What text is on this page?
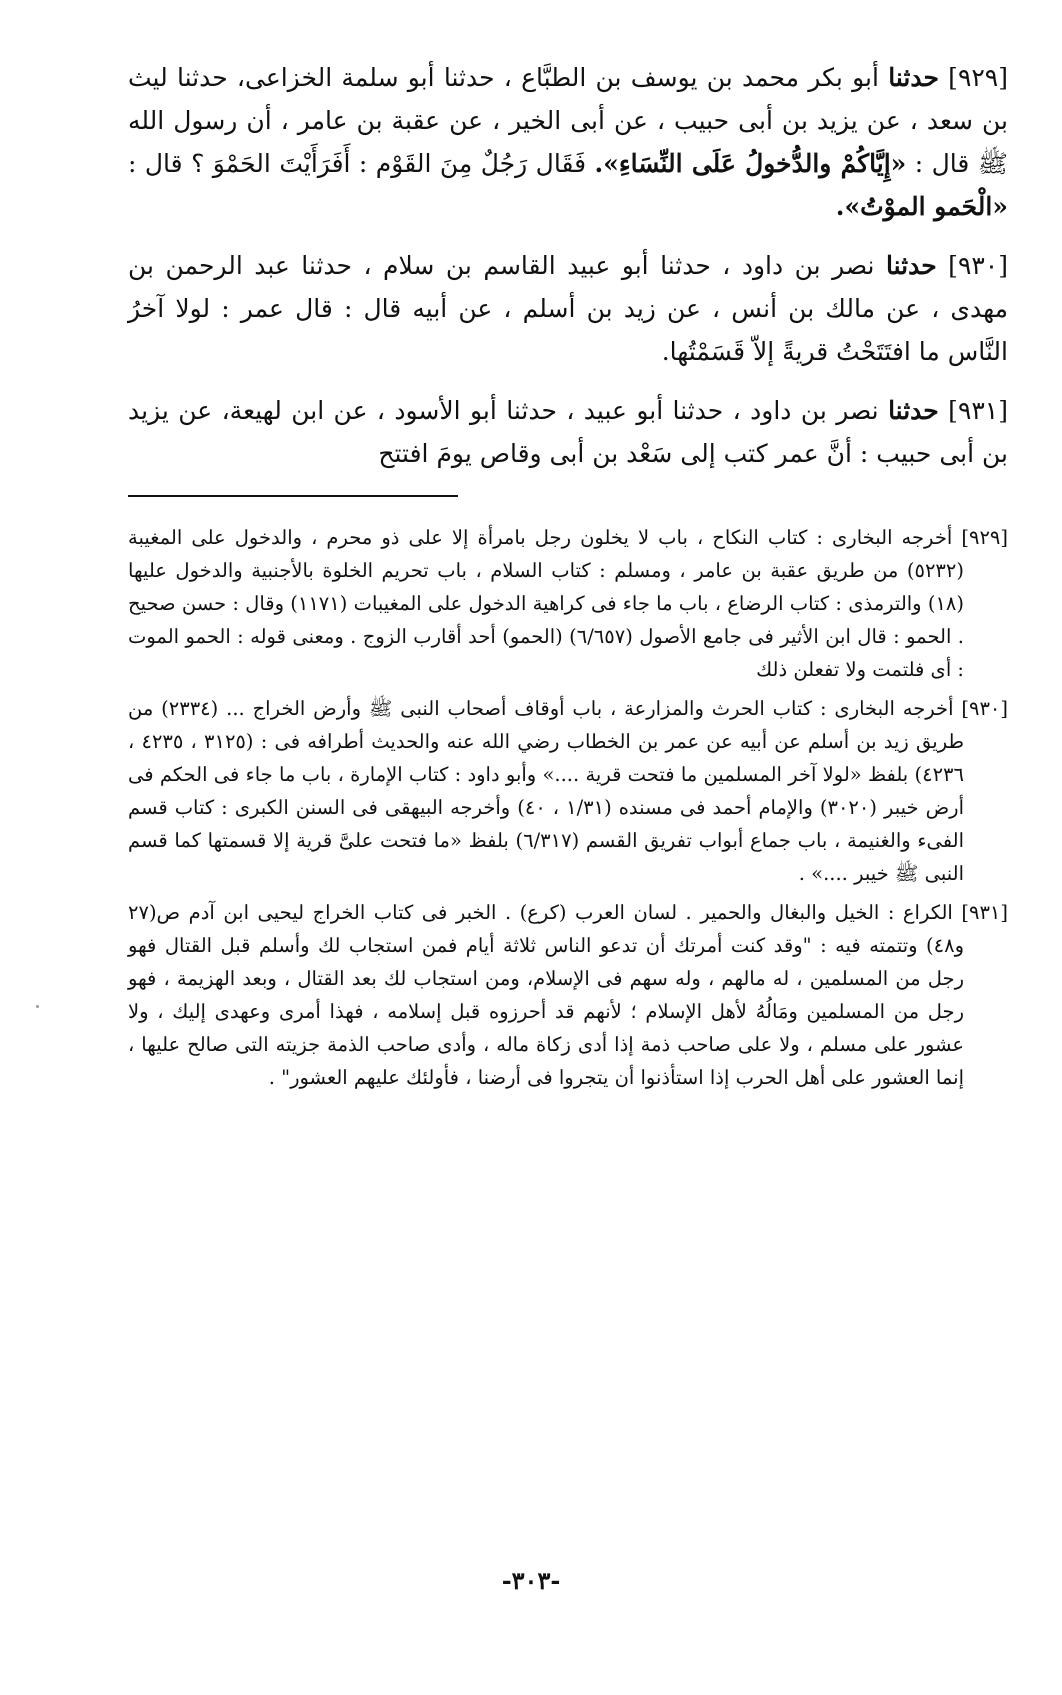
[٩٢٩] حدثنا أبو بكر محمد بن يوسف بن الطبَّاع ، حدثنا أبو سلمة الخزاعى، حدثنا ليث بن سعد ، عن يزيد بن أبى حبيب ، عن أبى الخير ، عن عقبة بن عامر ، أن رسول الله ﷺ قال : «إِيَّاكُمْ والدُّخولُ عَلَى النِّسَاءِ». فَقَال رَجُلٌ مِنَ القَوْم : أَفَرَأَيْتَ الحَمْوَ ؟ قال : «الْحَمو الموْتُ».

[٩٣٠] حدثنا نصر بن داود ، حدثنا أبو عبيد القاسم بن سلام ، حدثنا عبد الرحمن بن مهدى ، عن مالك بن أنس ، عن زيد بن أسلم ، عن أبيه قال : قال عمر : لولا آخرُ النَّاس ما افتَتَحْتُ قريةً إلاّ قَسَمْتُها.

[٩٣١] حدثنا نصر بن داود ، حدثنا أبو عبيد ، حدثنا أبو الأسود ، عن ابن لهيعة، عن يزيد بن أبى حبيب : أنَّ عمر كتب إلى سَعْد بن أبى وقاص يومَ افتتح

[٩٢٩] أخرجه البخارى : كتاب النكاح ، باب لا يخلون رجل بامرأة إلا على ذو محرم ، والدخول على المغيبة (٥٢٣٢) من طريق عقبة بن عامر ، ومسلم : كتاب السلام ، باب تحريم الخلوة بالأجنبية والدخول عليها (١٨) والترمذى : كتاب الرضاع ، باب ما جاء فى كراهية الدخول على المغيبات (١١٧١) وقال : حسن صحيح . الحمو : قال ابن الأثير فى جامع الأصول (٦/٦٥٧) (الحمو) أحد أقارب الزوج . ومعنى قوله : الحمو الموت : أى فلتمت ولا تفعلن ذلك

[٩٣٠] أخرجه البخارى : كتاب الحرث والمزارعة ، باب أوقاف أصحاب النبى ﷺ وأرض الخراج ... (٢٣٣٤) من طريق زيد بن أسلم عن أبيه عن عمر بن الخطاب رضي الله عنه والحديث أطرافه فى : (٣١٢٥ ، ٤٢٣٥ ، ٤٢٣٦) بلفظ «لولا آخر المسلمين ما فتحت قرية ....» وأبو داود : كتاب الإمارة ، باب ما جاء فى الحكم فى أرض خيبر (٣٠٢٠) والإمام أحمد فى مسنده (١/٣١ ، ٤٠) وأخرجه البيهقى فى السنن الكبرى : كتاب قسم الفىء والغنيمة ، باب جماع أبواب تفريق القسم (٦/٣١٧) بلفظ «ما فتحت علىَّ قرية إلا قسمتها كما قسم النبى ﷺ خيبر ....» .

[٩٣١] الكراع : الخيل والبغال والحمير . لسان العرب (كرع) . الخبر فى كتاب الخراج ليحيى ابن آدم ص(٢٧ و٤٨) وتتمته فيه : "وقد كنت أمرتك أن تدعو الناس ثلاثة أيام فمن استجاب لك وأسلم قبل القتال فهو رجل من المسلمين ، له مالهم ، وله سهم فى الإسلام، ومن استجاب لك بعد القتال ، وبعد الهزيمة ، فهو رجل من المسلمين ومَالُهُ لأهل الإسلام ؛ لأنهم قد أحرزوه قبل إسلامه ، فهذا أمرى وعهدى إليك ، ولا عشور على مسلم ، ولا على صاحب ذمة إذا أدى زكاة ماله ، وأدى صاحب الذمة جزيته التى صالح عليها ، إنما العشور على أهل الحرب إذا استأذنوا أن يتجروا فى أرضنا ، فأولئك عليهم العشور" .

-٣٠٣-
